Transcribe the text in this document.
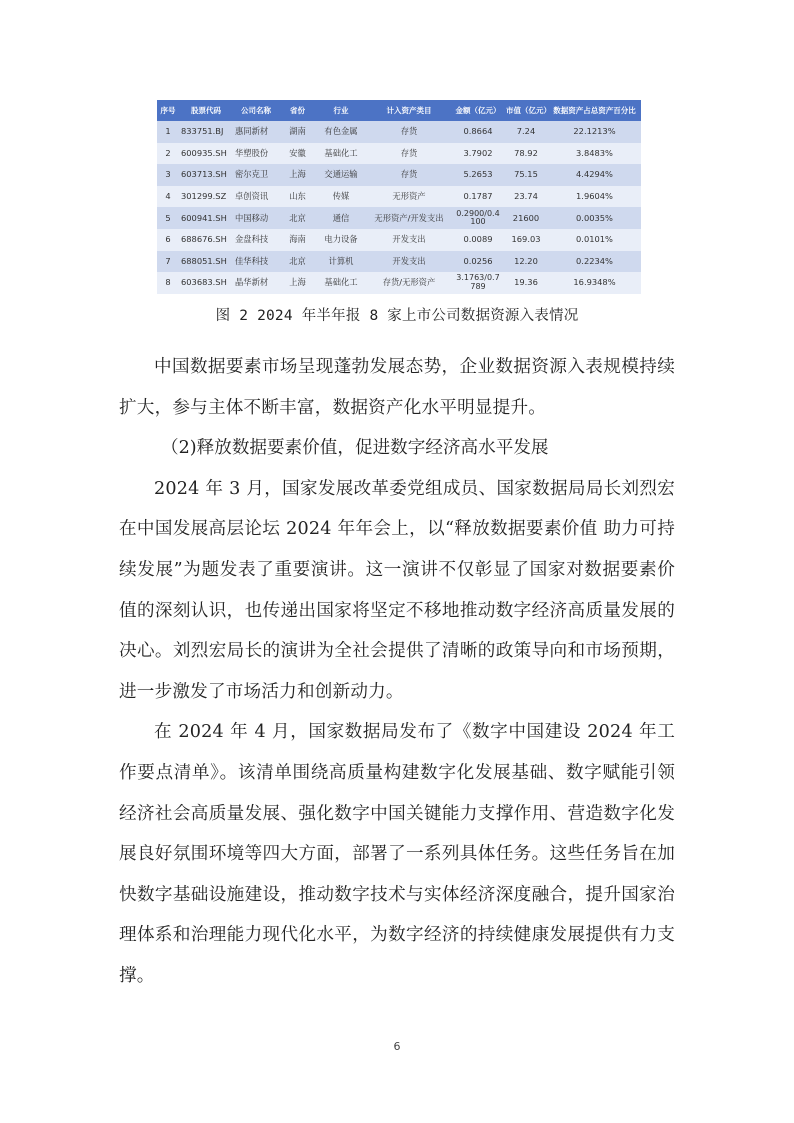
序号	股票代码	公司名称	省份	行业	计入资产类目	金额（亿元）	市值（亿元）	数据资产占总资产百分比
1	833751.BJ	惠同新材	湖南	有色金属	存货	0.8664	7.24	22.1213%
2	600935.SH	华塑股份	安徽	基础化工	存货	3.7902	78.92	3.8483%
3	603713.SH	密尔克卫	上海	交通运输	存货	5.2653	75.15	4.4294%
4	301299.SZ	卓创资讯	山东	传媒	无形资产	0.1787	23.74	1.9604%
5	600941.SH	中国移动	北京	通信	无形资产/开发支出	0.2900/0.4100	21600	0.0035%
6	688676.SH	金盘科技	海南	电力设备	开发支出	0.0089	169.03	0.0101%
7	688051.SH	佳华科技	北京	计算机	开发支出	0.0256	12.20	0.2234%
8	603683.SH	晶华新材	上海	基础化工	存货/无形资产	3.1763/0.7789	19.36	16.9348%
图 2 2024 年半年报 8 家上市公司数据资源入表情况

中国数据要素市场呈现蓬勃发展态势，企业数据资源入表规模持续扩大，参与主体不断丰富，数据资产化水平明显提升。

（2)释放数据要素价值，促进数字经济高水平发展

2024 年 3 月，国家发展改革委党组成员、国家数据局局长刘烈宏在中国发展高层论坛 2024 年年会上，以“释放数据要素价值 助力可持续发展”为题发表了重要演讲。这一演讲不仅彰显了国家对数据要素价值的深刻认识，也传递出国家将坚定不移地推动数字经济高质量发展的决心。刘烈宏局长的演讲为全社会提供了清晰的政策导向和市场预期，进一步激发了市场活力和创新动力。

在 2024 年 4 月，国家数据局发布了《数字中国建设 2024 年工作要点清单》。该清单围绕高质量构建数字化发展基础、数字赋能引领经济社会高质量发展、强化数字中国关键能力支撑作用、营造数字化发展良好氛围环境等四大方面，部署了一系列具体任务。这些任务旨在加快数字基础设施建设，推动数字技术与实体经济深度融合，提升国家治理体系和治理能力现代化水平，为数字经济的持续健康发展提供有力支撑。

6
